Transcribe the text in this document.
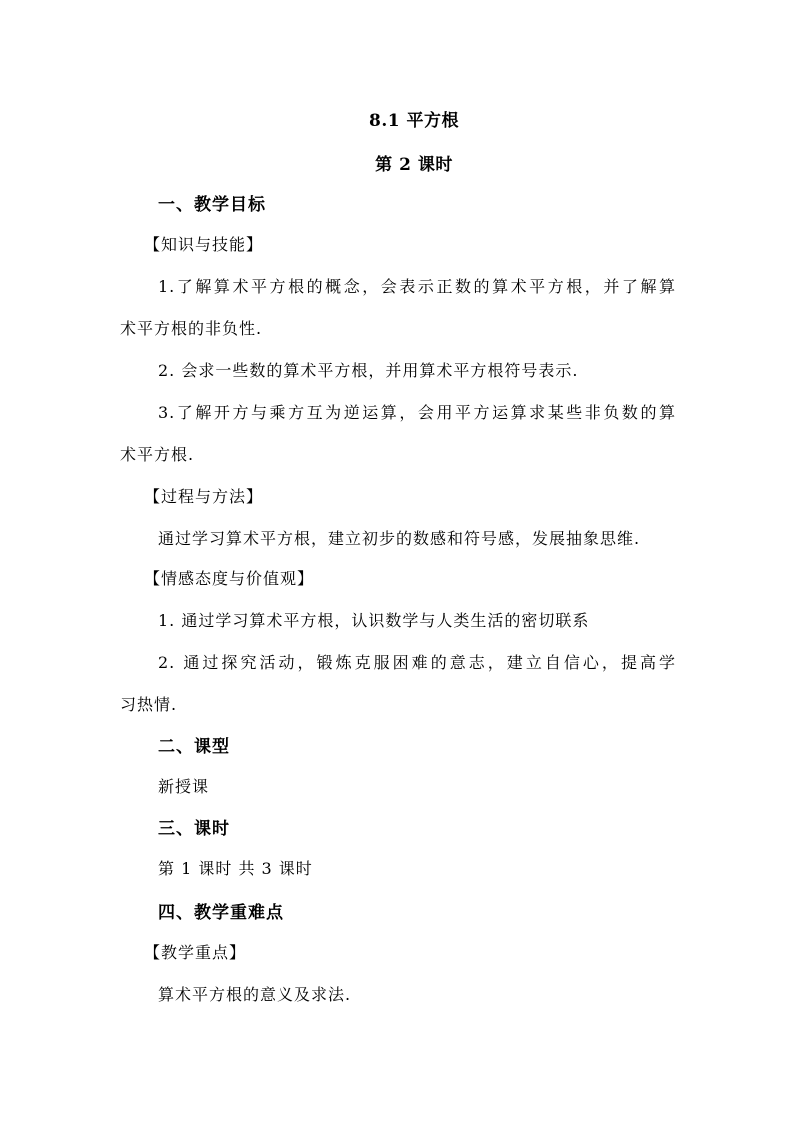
8.1 平方根
第 2 课时
一、教学目标
【知识与技能】
1.了解算术平方根的概念，会表示正数的算术平方根，并了解算
术平方根的非负性.
2. 会求一些数的算术平方根，并用算术平方根符号表示.
3.了解开方与乘方互为逆运算，会用平方运算求某些非负数的算
术平方根.
【过程与方法】
通过学习算术平方根，建立初步的数感和符号感，发展抽象思维.
【情感态度与价值观】
1. 通过学习算术平方根，认识数学与人类生活的密切联系
2. 通过探究活动，锻炼克服困难的意志，建立自信心，提高学
习热情.
二、课型
新授课
三、课时
第 1 课时 共 3 课时
四、教学重难点
【教学重点】
算术平方根的意义及求法.
